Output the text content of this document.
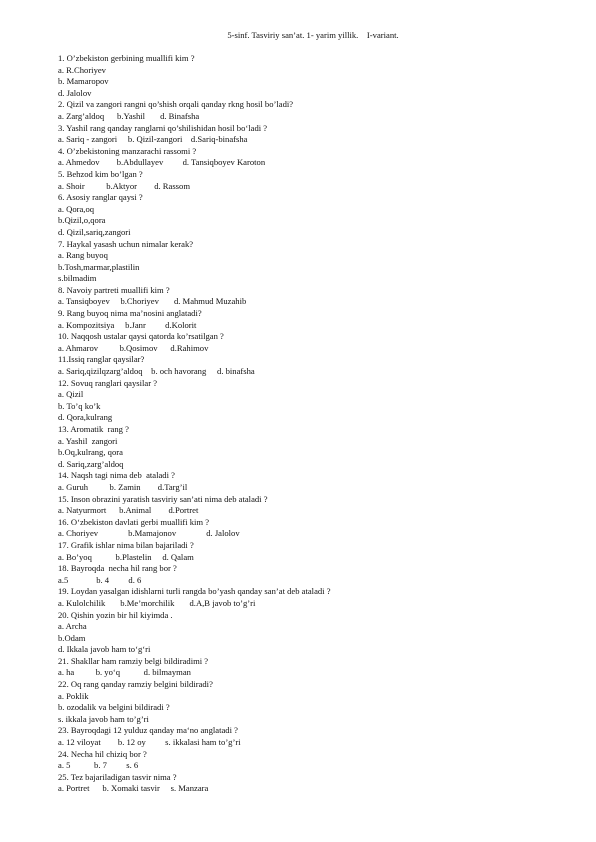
5-sinf. Tasviriy san’at. 1- yarim yillik.    I-variant.
1. O’zbekiston gerbining muallifi kim ?
a. R.Choriyev
b. Mamaropov
d. Jalolov
2. Qizil va zangori rangni qo’shish orqali qanday rkng hosil bo’ladi?
a. Zarg’aldoq      b.Yashil       d. Binafsha
3. Yashil rang qanday ranglarni qo’shilishidan hosil bo‘ladi ?
a. Sariq - zangori     b. Qizil-zangori    d.Sariq-binafsha
4. O’zbekistoning manzarachi rassomi ?
a. Ahmedov        b.Abdullayev         d. Tansiqboyev Karoton
5. Behzod kim bo’lgan ?
a. Shoir          b.Aktyor        d. Rassom
6. Asosiy ranglar qaysi ?
a. Qora,oq
b.Qizil,o,qora
d. Qizil,sariq,zangori
7. Haykal yasash uchun nimalar kerak?
a. Rang buyoq
b.Tosh,marmar,plastilin
s.bilmadim
8. Navoiy partreti muallifi kim ?
a. Tansiqboyev     b.Choriyev       d. Mahmud Muzahib
9. Rang buyoq nima ma’nosini anglatadi?
a. Kompozitsiya     b.Janr         d.Kolorit
10. Naqqosh ustalar qaysi qatorda ko’rsatilgan ?
a. Ahmarov          b.Qosimov      d.Rahimov
11.Issiq ranglar qaysilar?
a. Sariq,qizilqzarg’aldoq    b. och havorang     d. binafsha
12. Sovuq ranglari qaysilar ?
a. Qizil
b. To’q ko’k
d. Qora,kulrang
13. Aromatik  rang ?
a. Yashil  zangori
b.Oq,kulrang, qora
d. Sariq,zarg’aldoq
14. Naqsh tagi nima deb  ataladi ?
a. Guruh          b. Zamin        d.Targ’il
15. Inson obrazini yaratish tasviriy san’ati nima deb ataladi ?
a. Natyurmort      b.Animal        d.Portret
16. O‘zbekiston davlati gerbi muallifi kim ?
a. Choriyev              b.Mamajonov              d. Jalolov
17. Grafik ishlar nima bilan bajariladi ?
a. Bo’yoq           b.Plastelin     d. Qalam
18. Bayroqda  necha hil rang bor ?
a.5             b. 4         d. 6
19. Loydan yasalgan idishlarni turli rangda bo’yash qanday san’at deb ataladi ?
a. Kulolchilik       b.Me’morchilik       d.A,B javob to’g’ri
20. Qishin yozin bir hil kiyimda .
a. Archa
b.Odam
d. Ikkala javob ham to‘g‘ri
21. Shakllar ham ramziy belgi bildiradimi ?
a. ha          b. yo‘q           d. bilmayman
22. Oq rang qanday ramziy belgini bildiradi?
a. Poklik
b. ozodalik va belgini bildiradi ?
s. ikkala javob ham to’g’ri
23. Bayroqdagi 12 yulduz qanday ma‘no anglatadi ?
a. 12 viloyat        b. 12 oy         s. ikkalasi ham to’g’ri
24. Necha hil chiziq bor ?
a. 5           b. 7         s. 6
25. Tez bajariladigan tasvir nima ?
a. Portret      b. Xomaki tasvir     s. Manzara
